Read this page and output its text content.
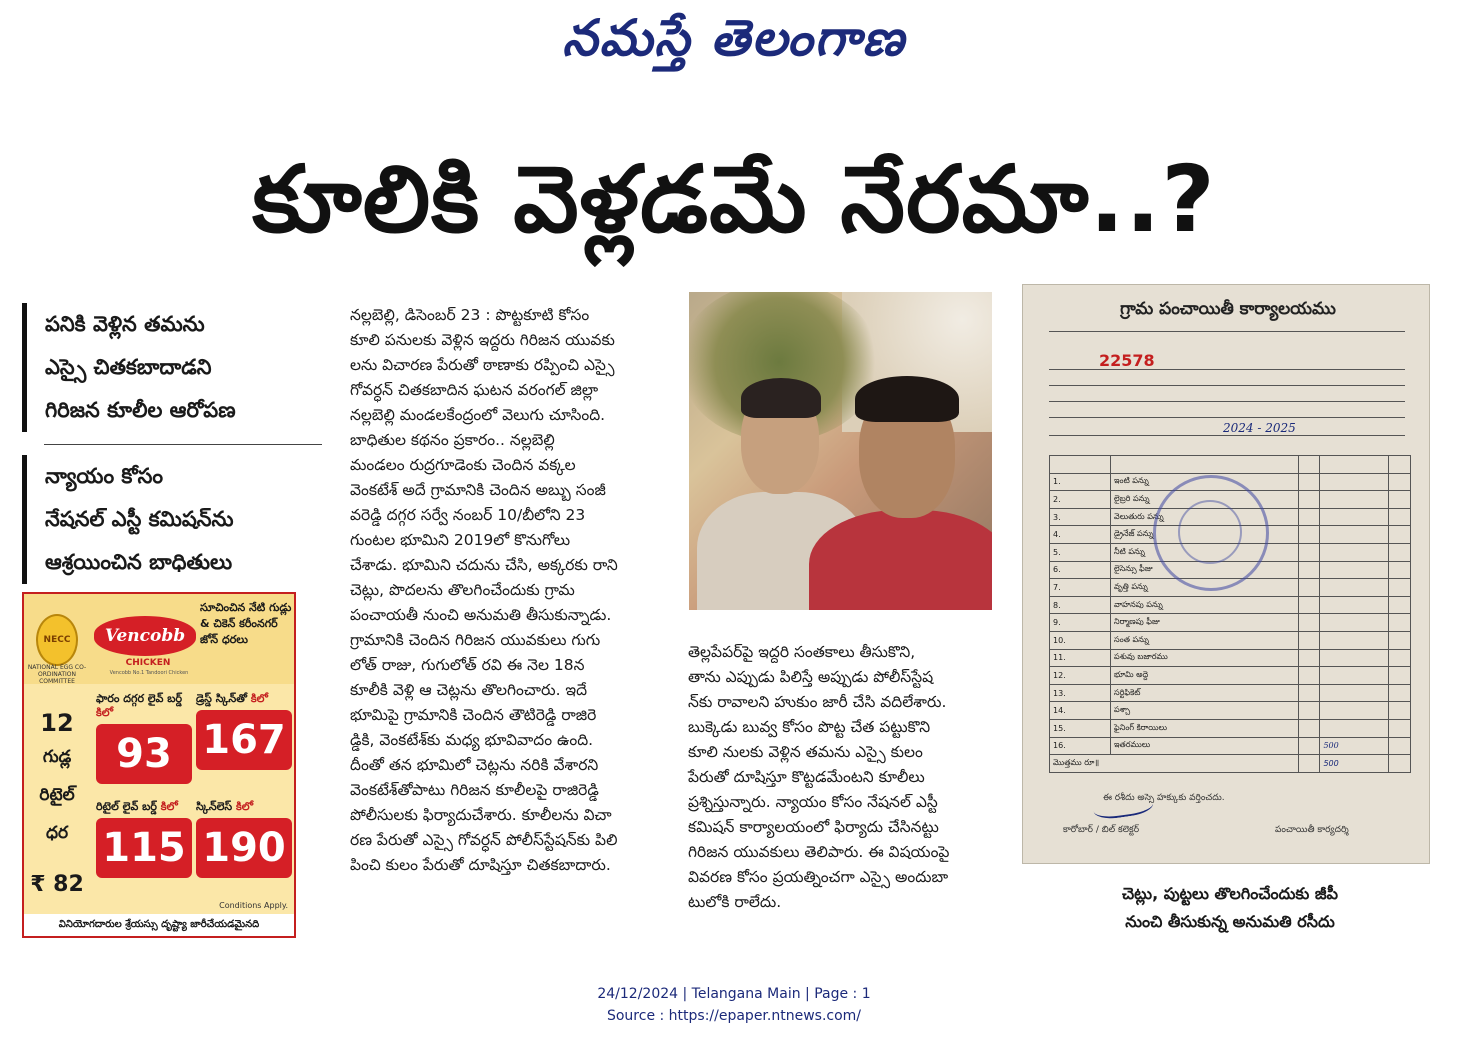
నమస్తే తెలంగాణ
కూలికి వెళ్లడమే నేరమా..?
పనికి వెళ్లిన తమను
ఎస్సై చితకబాదాడని
గిరిజన కూలీల ఆరోపణ
న్యాయం కోసం
నేషనల్ ఎస్టీ కమిషన్‌ను
ఆశ్రయించిన బాధితులు
NECC
NATIONAL EGG CO-ORDINATION COMMITTEE
Vencobb
CHICKEN
Vencobb No.1 Tandoori Chicken
సూచించిన నేటి గుడ్లు & చికెన్ కరీంనగర్ జోన్ ధరలు
12
గుడ్ల
రిటైల్
ధర
₹ 82
ఫారం దగ్గర లైవ్ బర్డ్ కిలో
93
డ్రెస్డ్ స్కిన్‌తో కిలో
167
రిటైల్ లైవ్ బర్డ్ కిలో
115
స్కిన్‌లెస్ కిలో
190
Conditions Apply.
వినియోగదారుల శ్రేయస్సు దృష్ట్యా జారీచేయడమైనది

నల్లబెల్లి, డిసెంబర్ 23 : పొట్టకూటి కోసం

కూలి పనులకు వెళ్లిన ఇద్దరు గిరిజన యువకు

లను విచారణ పేరుతో ఠాణాకు రప్పించి ఎస్సై

గోవర్ధన్ చితకబాదిన ఘటన వరంగల్ జిల్లా

నల్లబెల్లి మండలకేంద్రంలో వెలుగు చూసింది.

బాధితుల కథనం ప్రకారం.. నల్లబెల్లి

మండలం రుద్రగూడెంకు చెందిన వక్కల

వెంకటేశ్ అదే గ్రామానికి చెందిన అబ్బు సంజీ

వరెడ్డి దగ్గర సర్వే నంబర్ 10/బీలోని 23

గుంటల భూమిని 2019లో కొనుగోలు

చేశాడు. భూమిని చదును చేసి, అక్కరకు రాని

చెట్లు, పొదలను తొలగించేందుకు గ్రామ

పంచాయతీ నుంచి అనుమతి తీసుకున్నాడు.

గ్రామానికి చెందిన గిరిజన యువకులు గుగు

లోత్ రాజు, గుగులోత్ రవి ఈ నెల 18న

కూలీకి వెళ్లి ఆ చెట్లను తొలగించారు. ఇదే

భూమిపై గ్రామానికి చెందిన తౌటిరెడ్డి రాజిరె

డ్డికి, వెంకటేశ్‌కు మధ్య భూవివాదం ఉంది.

దీంతో తన భూమిలో చెట్లను నరికి వేశారని

వెంకటేశ్‌తోపాటు గిరిజన కూలీలపై రాజిరెడ్డి

పోలీసులకు ఫిర్యాదుచేశారు. కూలీలను విచా

రణ పేరుతో ఎస్సై గోవర్ధన్ పోలీస్‌స్టేషన్‌కు పిలి

పించి కులం పేరుతో దూషిస్తూ చితకబాదారు.

తెల్లపేపర్‌పై ఇద్దరి సంతకాలు తీసుకొని,

తాను ఎప్పుడు పిలిస్తే అప్పుడు పోలీస్‌స్టేష

న్‌కు రావాలని హుకుం జారీ చేసి వదిలేశారు.

బుక్కెడు బువ్వ కోసం పొట్ట చేత పట్టుకొని

కూలి నులకు వెళ్లిన తమను ఎస్సై కులం

పేరుతో దూషిస్తూ కొట్టడమేంటని కూలీలు

ప్రశ్నిస్తున్నారు. న్యాయం కోసం నేషనల్ ఎస్టీ

కమిషన్ కార్యాలయంలో ఫిర్యాదు చేసినట్టు

గిరిజన యువకులు తెలిపారు. ఈ విషయంపై

వివరణ కోసం ప్రయత్నించగా ఎస్సై అందుబా

టులోకి రాలేదు.

గ్రామ పంచాయితీ కార్యాలయము
22578
2024 - 2025

1.	ఇంటి పన్ను			
2.	లైబ్రరి పన్ను			
3.	వెలుతురు పన్ను			
4.	డ్రైనేజ్ పన్ను			
5.	నీటి పన్ను			
6.	లైసెన్సు ఫీజు			
7.	వృత్తి పన్ను			
8.	వాహనపు పన్ను			
9.	నిర్మాణపు ఫీజు			
10.	సంత పన్ను			
11.	పశువు బజారము			
12.	భూమి అద్దె			
13.	సర్టిఫికెట్			
14.	పశ్చా			
15.	ఫైనింగ్ కిరాయిలు			
16.	ఇతరములు		500	
మొత్తము రూ॥			500	
ఈ రశీదు అస్సె హక్కుకు వర్తించదు.
కారోబార్ / బిల్ కలెక్టర్	పంచాయితీ కార్యదర్శి

చెట్లు, పుట్టలు తొలగించేందుకు జీపీ

నుంచి తీసుకున్న అనుమతి రసీదు

24/12/2024 | Telangana Main | Page : 1
Source : https://epaper.ntnews.com/
